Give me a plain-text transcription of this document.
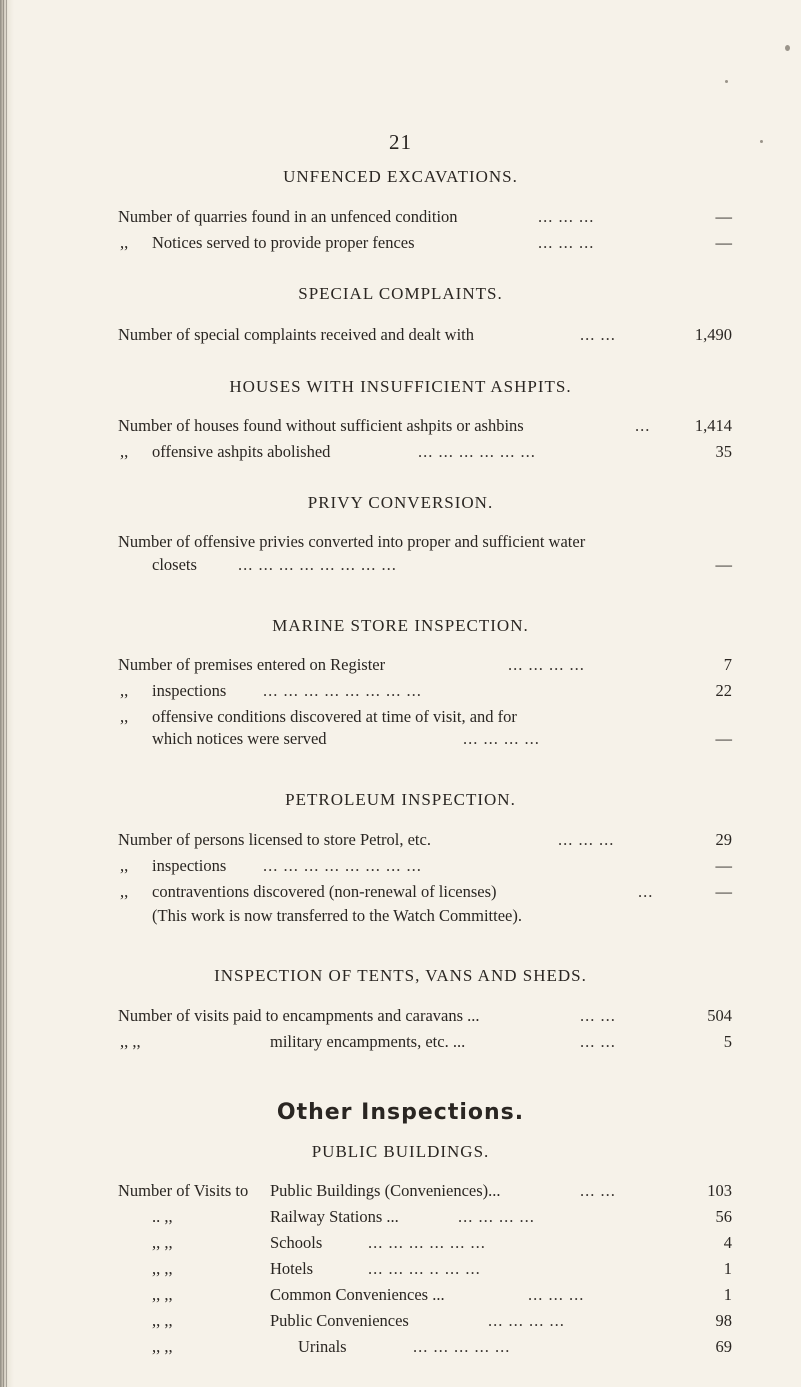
21
UNFENCED EXCAVATIONS.
Number of quarries found in an unfenced condition	... ... ...	—
,, Notices served to provide proper fences	... ... ...	—
SPECIAL COMPLAINTS.
Number of special complaints received and dealt with	... ...	1,490
HOUSES WITH INSUFFICIENT ASHPITS.
Number of houses found without sufficient ashpits or ashbins	...	1,414
,, offensive ashpits abolished	... ... ... ... ... ...	35
PRIVY CONVERSION.
Number of offensive privies converted into proper and sufficient water
closets ... ... ... ... ... ... ... ...	—
MARINE STORE INSPECTION.
Number of premises entered on Register	... ... ... ...	7
,, inspections ... ... ... ... ... ... ... ...	22
,, offensive conditions discovered at time of visit, and for
which notices were served	... ... ... ...	—
PETROLEUM INSPECTION.
Number of persons licensed to store Petrol, etc.	... ... ...	29
,, inspections ... ... ... ... ... ... ... ...	—
,, contraventions discovered (non-renewal of licenses)	...	—
(This work is now transferred to the Watch Committee).
INSPECTION OF TENTS, VANS AND SHEDS.
Number of visits paid to encampments and caravans ...	... ...	504
,, ,,	military encampments, etc. ...	... ...	5
Other Inspections.
PUBLIC BUILDINGS.
Number of Visits to Public Buildings (Conveniences)...	... ...	103
.. ,,	Railway Stations ...	... ... ... ...	56
,, ,,	Schools	... ... ... ... ... ...	4
,, ,,	Hotels	... ... ... .. ... ...	1
,, ,,	Common Conveniences ...	... ... ...	1
,, ,,	Public Conveniences	... ... ... ...	98
,, ,,	Urinals	... ... ... ... ...	69
